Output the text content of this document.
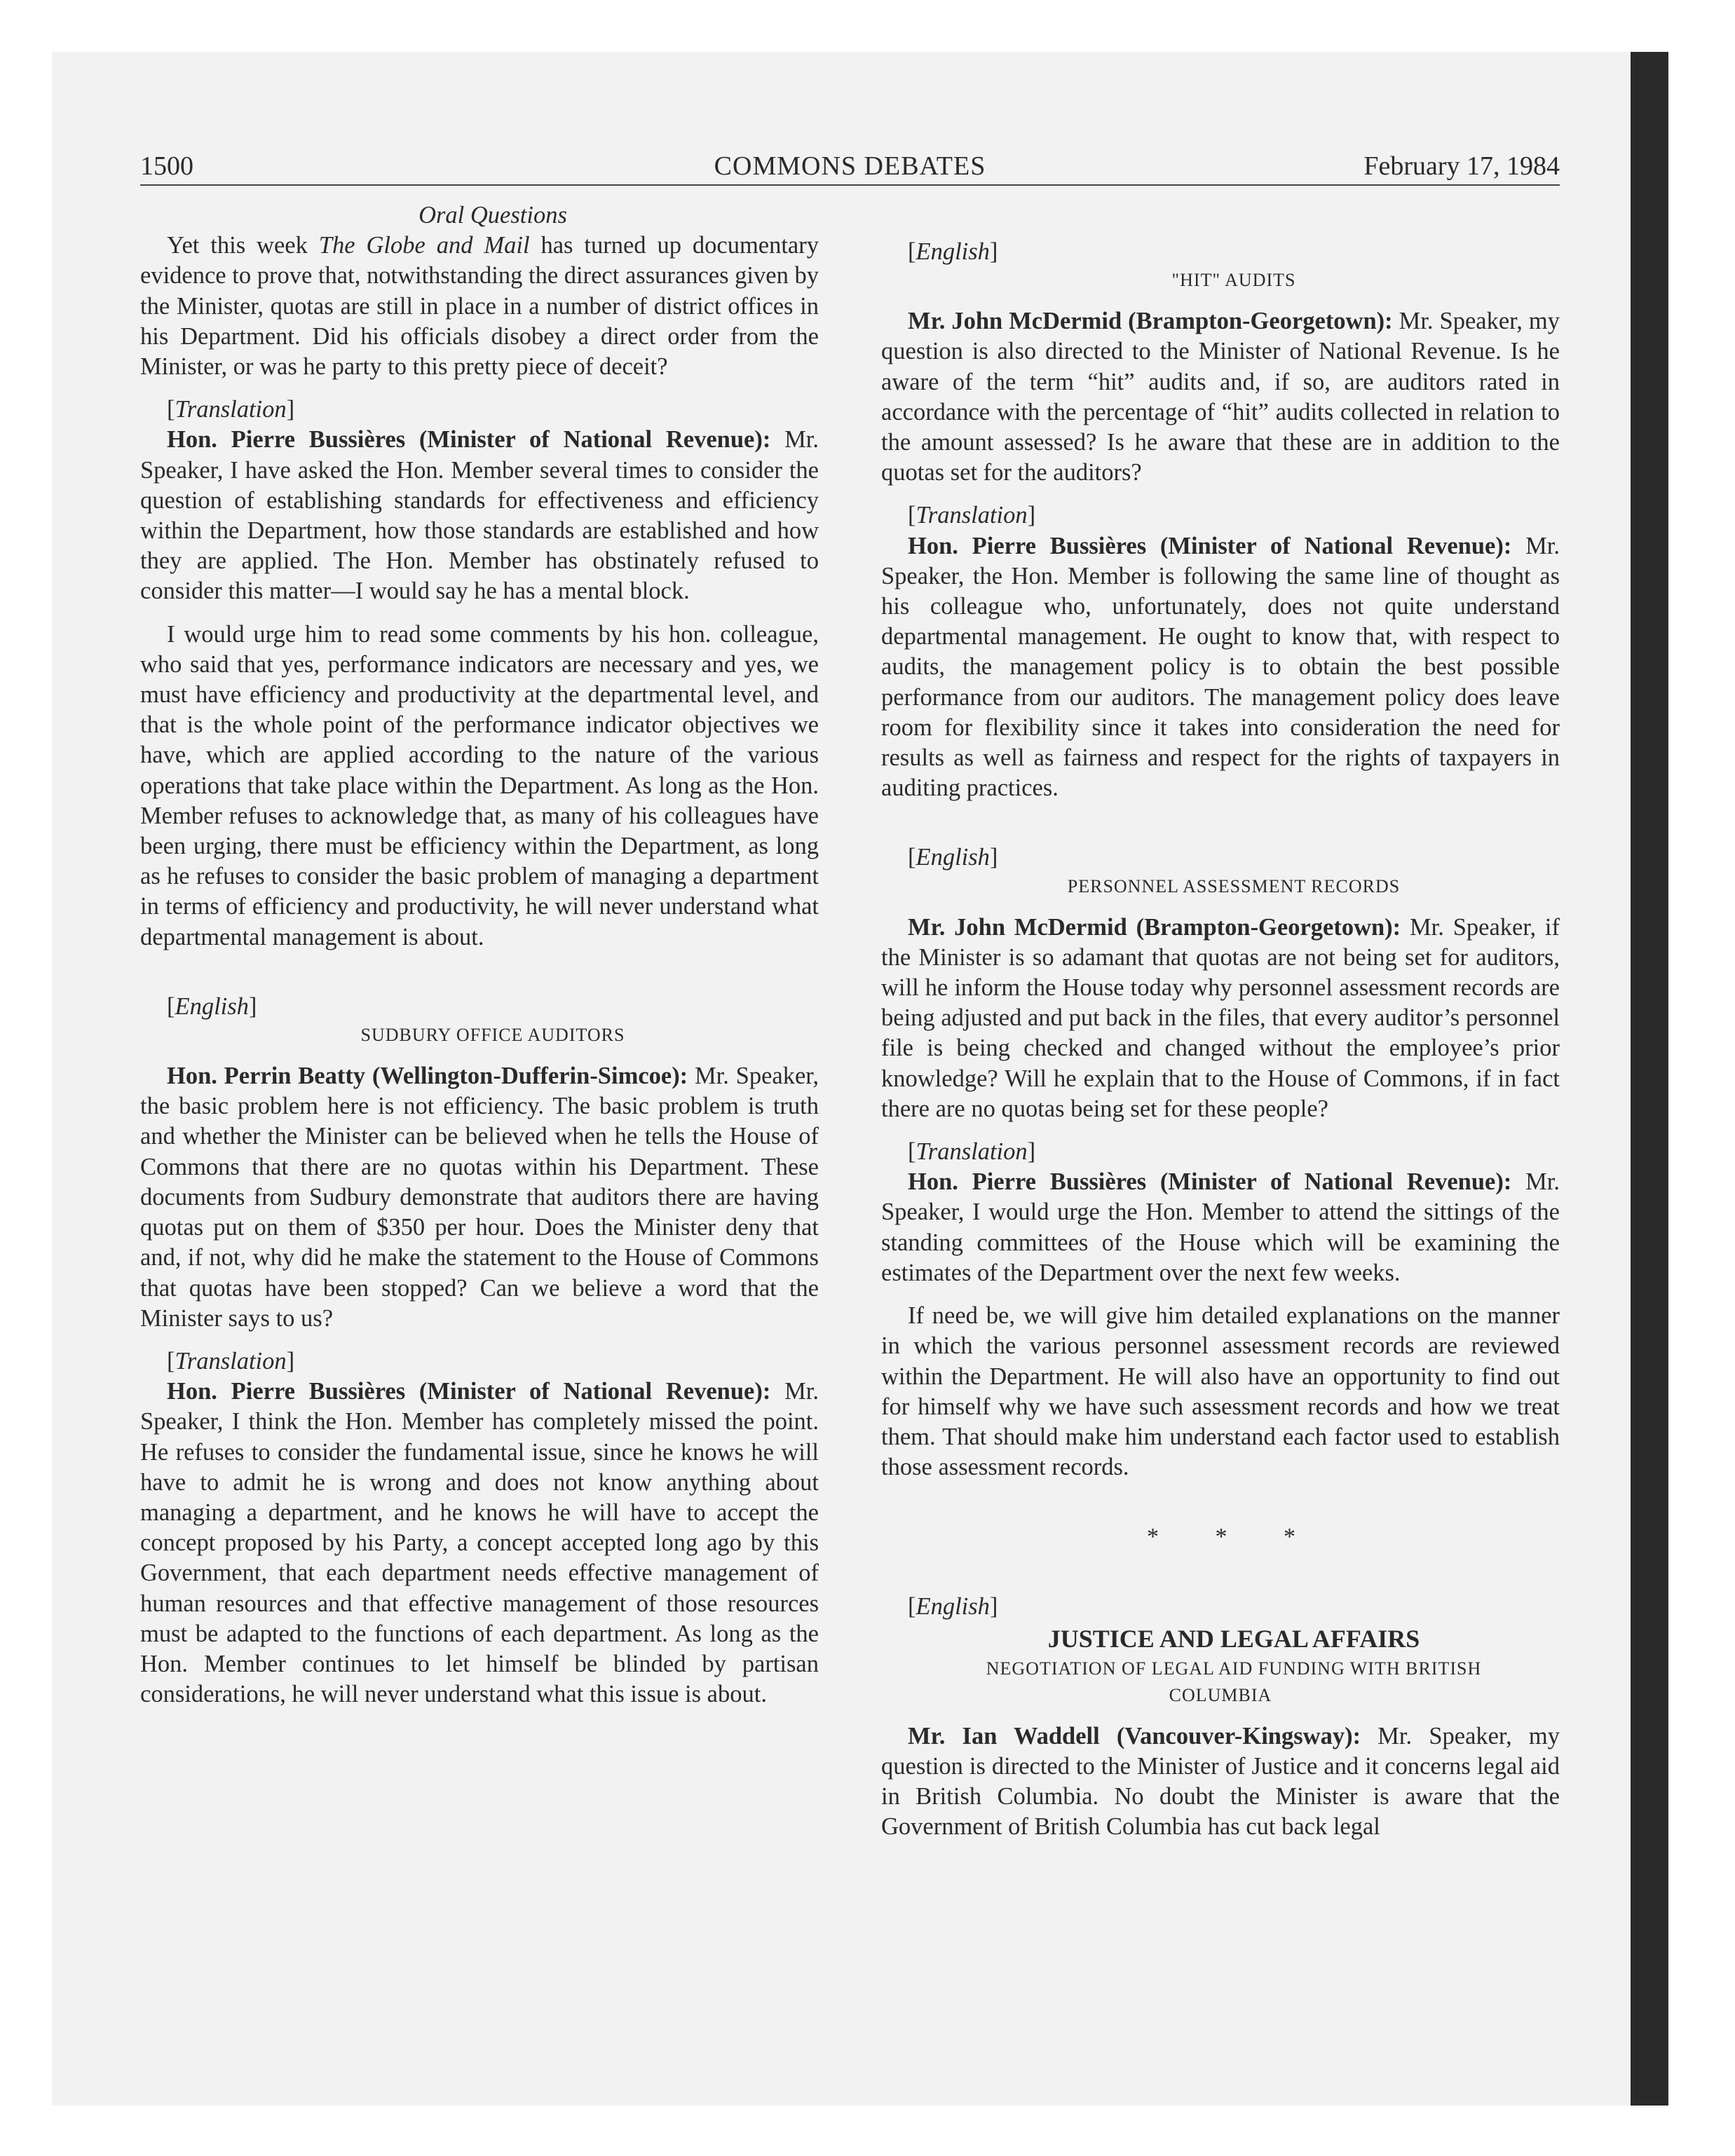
1500	COMMONS DEBATES	February 17, 1984

Oral Questions

Yet this week The Globe and Mail has turned up documentary evidence to prove that, notwithstanding the direct assurances given by the Minister, quotas are still in place in a number of district offices in his Department. Did his officials disobey a direct order from the Minister, or was he party to this pretty piece of deceit?

[Translation]

Hon. Pierre Bussières (Minister of National Revenue): Mr. Speaker, I have asked the Hon. Member several times to consider the question of establishing standards for effectiveness and efficiency within the Department, how those standards are established and how they are applied. The Hon. Member has obstinately refused to consider this matter—I would say he has a mental block.

I would urge him to read some comments by his hon. colleague, who said that yes, performance indicators are necessary and yes, we must have efficiency and productivity at the departmental level, and that is the whole point of the performance indicator objectives we have, which are applied according to the nature of the various operations that take place within the Department. As long as the Hon. Member refuses to acknowledge that, as many of his colleagues have been urging, there must be efficiency within the Department, as long as he refuses to consider the basic problem of managing a department in terms of efficiency and productivity, he will never understand what departmental management is about.

[English]

SUDBURY OFFICE AUDITORS

Hon. Perrin Beatty (Wellington-Dufferin-Simcoe): Mr. Speaker, the basic problem here is not efficiency. The basic problem is truth and whether the Minister can be believed when he tells the House of Commons that there are no quotas within his Department. These documents from Sudbury demonstrate that auditors there are having quotas put on them of $350 per hour. Does the Minister deny that and, if not, why did he make the statement to the House of Commons that quotas have been stopped? Can we believe a word that the Minister says to us?

[Translation]

Hon. Pierre Bussières (Minister of National Revenue): Mr. Speaker, I think the Hon. Member has completely missed the point. He refuses to consider the fundamental issue, since he knows he will have to admit he is wrong and does not know anything about managing a department, and he knows he will have to accept the concept proposed by his Party, a concept accepted long ago by this Government, that each department needs effective management of human resources and that effective management of those resources must be adapted to the functions of each department. As long as the Hon. Member continues to let himself be blinded by partisan considerations, he will never understand what this issue is about.

[English]

"HIT" AUDITS

Mr. John McDermid (Brampton-Georgetown): Mr. Speaker, my question is also directed to the Minister of National Revenue. Is he aware of the term “hit” audits and, if so, are auditors rated in accordance with the percentage of “hit” audits collected in relation to the amount assessed? Is he aware that these are in addition to the quotas set for the auditors?

[Translation]

Hon. Pierre Bussières (Minister of National Revenue): Mr. Speaker, the Hon. Member is following the same line of thought as his colleague who, unfortunately, does not quite understand departmental management. He ought to know that, with respect to audits, the management policy is to obtain the best possible performance from our auditors. The management policy does leave room for flexibility since it takes into consideration the need for results as well as fairness and respect for the rights of taxpayers in auditing practices.

[English]

PERSONNEL ASSESSMENT RECORDS

Mr. John McDermid (Brampton-Georgetown): Mr. Speaker, if the Minister is so adamant that quotas are not being set for auditors, will he inform the House today why personnel assessment records are being adjusted and put back in the files, that every auditor’s personnel file is being checked and changed without the employee’s prior knowledge? Will he explain that to the House of Commons, if in fact there are no quotas being set for these people?

[Translation]

Hon. Pierre Bussières (Minister of National Revenue): Mr. Speaker, I would urge the Hon. Member to attend the sittings of the standing committees of the House which will be examining the estimates of the Department over the next few weeks.

If need be, we will give him detailed explanations on the manner in which the various personnel assessment records are reviewed within the Department. He will also have an opportunity to find out for himself why we have such assessment records and how we treat them. That should make him understand each factor used to establish those assessment records.

* * *

[English]

JUSTICE AND LEGAL AFFAIRS

NEGOTIATION OF LEGAL AID FUNDING WITH BRITISH COLUMBIA

Mr. Ian Waddell (Vancouver-Kingsway): Mr. Speaker, my question is directed to the Minister of Justice and it concerns legal aid in British Columbia. No doubt the Minister is aware that the Government of British Columbia has cut back legal
